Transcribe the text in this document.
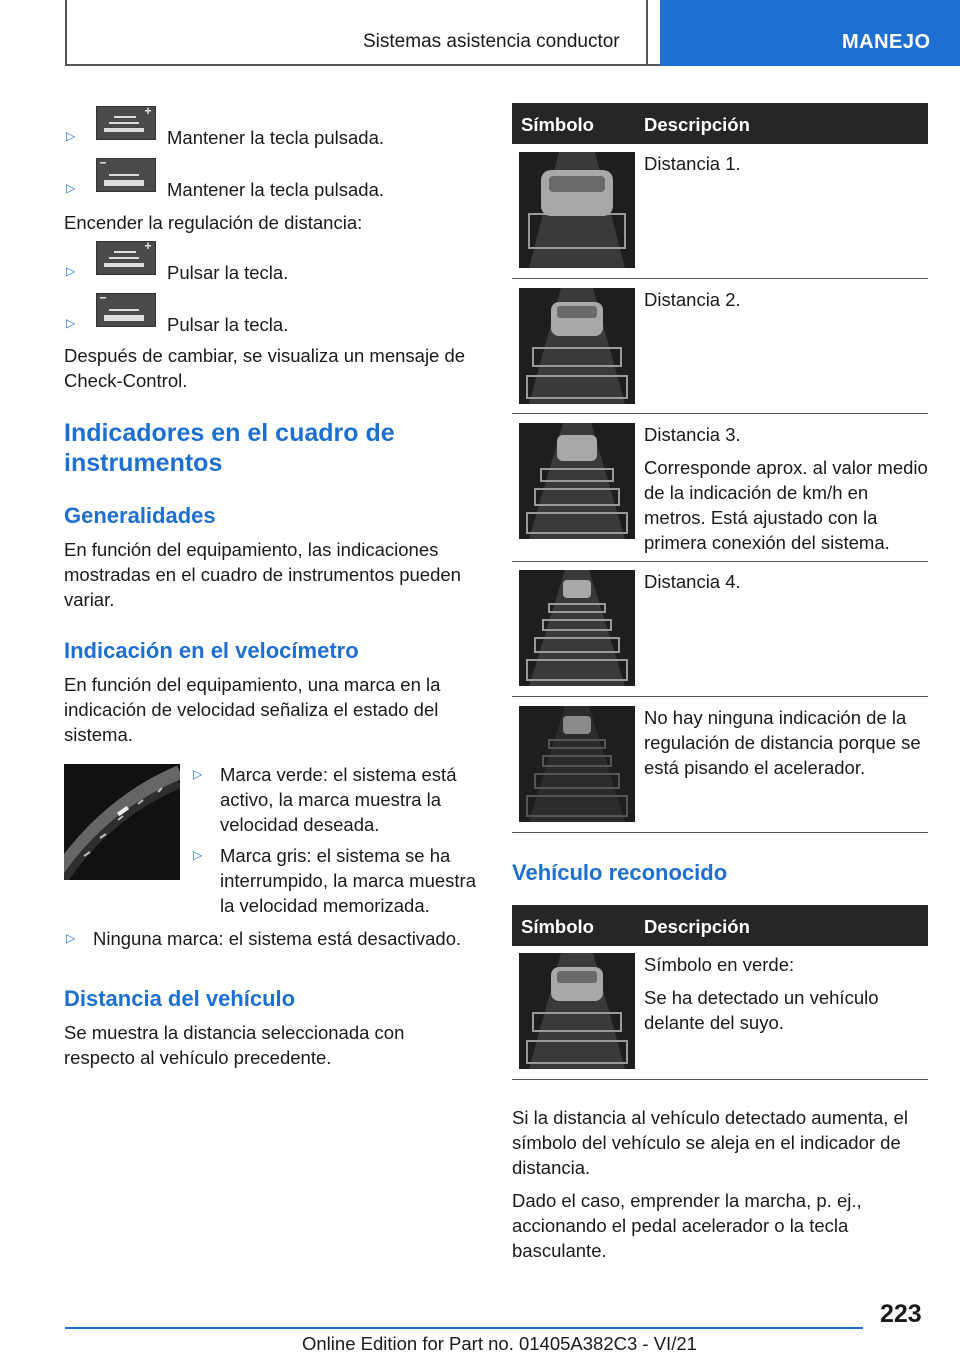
Sistemas asistencia conductor	MANEJO
▷	Mantener la tecla pulsada.
▷	Mantener la tecla pulsada.

Encender la regulación de distancia:

▷	Pulsar la tecla.
▷	Pulsar la tecla.

Después de cambiar, se visualiza un mensaje de Check-Control.

Indicadores en el cuadro de instrumentos
Generalidades

En función del equipamiento, las indicaciones mostradas en el cuadro de instrumentos pueden variar.

Indicación en el velocímetro

En función del equipamiento, una marca en la indicación de velocidad señaliza el estado del sistema.

▷ Marca verde: el sistema está activo, la marca muestra la velocidad deseada.
▷ Marca gris: el sistema se ha interrumpido, la marca muestra la velocidad memorizada.
▷ Ninguna marca: el sistema está desactivado.
Distancia del vehículo

Se muestra la distancia seleccionada con respecto al vehículo precedente.

Símbolo	Descripción

Distancia 1.

Distancia 2.

Distancia 3.

Corresponde aprox. al valor medio de la indicación de km/h en metros. Está ajustado con la primera conexión del sistema.

Distancia 4.

No hay ninguna indicación de la regulación de distancia porque se está pisando el acelerador.

Vehículo reconocido
Símbolo	Descripción

Símbolo en verde:

Se ha detectado un vehículo delante del suyo.

Si la distancia al vehículo detectado aumenta, el símbolo del vehículo se aleja en el indicador de distancia.

Dado el caso, emprender la marcha, p. ej., accionando el pedal acelerador o la tecla basculante.

223
Online Edition for Part no. 01405A382C3 - VI/21
